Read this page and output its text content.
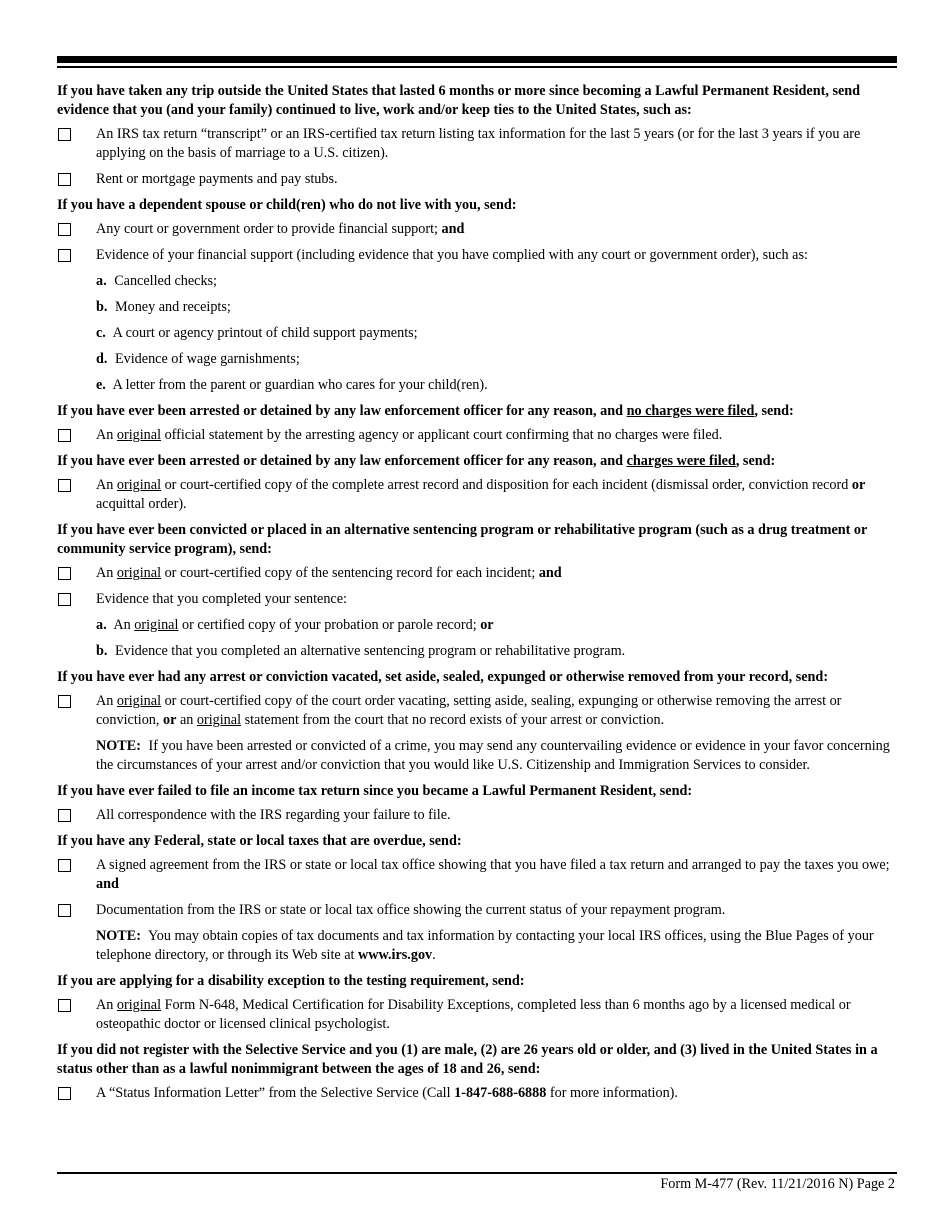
If you have taken any trip outside the United States that lasted 6 months or more since becoming a Lawful Permanent Resident, send evidence that you (and your family) continued to live, work and/or keep ties to the United States, such as:
An IRS tax return “transcript” or an IRS-certified tax return listing tax information for the last 5 years (or for the last 3 years if you are applying on the basis of marriage to a U.S. citizen).
Rent or mortgage payments and pay stubs.
If you have a dependent spouse or child(ren) who do not live with you, send:
Any court or government order to provide financial support; and
Evidence of your financial support (including evidence that you have complied with any court or government order), such as:
a. Cancelled checks;
b. Money and receipts;
c. A court or agency printout of child support payments;
d. Evidence of wage garnishments;
e. A letter from the parent or guardian who cares for your child(ren).
If you have ever been arrested or detained by any law enforcement officer for any reason, and no charges were filed, send:
An original official statement by the arresting agency or applicant court confirming that no charges were filed.
If you have ever been arrested or detained by any law enforcement officer for any reason, and charges were filed, send:
An original or court-certified copy of the complete arrest record and disposition for each incident (dismissal order, conviction record or acquittal order).
If you have ever been convicted or placed in an alternative sentencing program or rehabilitative program (such as a drug treatment or community service program), send:
An original or court-certified copy of the sentencing record for each incident; and
Evidence that you completed your sentence:
a. An original or certified copy of your probation or parole record; or
b. Evidence that you completed an alternative sentencing program or rehabilitative program.
If you have ever had any arrest or conviction vacated, set aside, sealed, expunged or otherwise removed from your record, send:
An original or court-certified copy of the court order vacating, setting aside, sealing, expunging or otherwise removing the arrest or conviction, or an original statement from the court that no record exists of your arrest or conviction.
NOTE: If you have been arrested or convicted of a crime, you may send any countervailing evidence or evidence in your favor concerning the circumstances of your arrest and/or conviction that you would like U.S. Citizenship and Immigration Services to consider.
If you have ever failed to file an income tax return since you became a Lawful Permanent Resident, send:
All correspondence with the IRS regarding your failure to file.
If you have any Federal, state or local taxes that are overdue, send:
A signed agreement from the IRS or state or local tax office showing that you have filed a tax return and arranged to pay the taxes you owe; and
Documentation from the IRS or state or local tax office showing the current status of your repayment program.
NOTE: You may obtain copies of tax documents and tax information by contacting your local IRS offices, using the Blue Pages of your telephone directory, or through its Web site at www.irs.gov.
If you are applying for a disability exception to the testing requirement, send:
An original Form N-648, Medical Certification for Disability Exceptions, completed less than 6 months ago by a licensed medical or osteopathic doctor or licensed clinical psychologist.
If you did not register with the Selective Service and you (1) are male, (2) are 26 years old or older, and (3) lived in the United States in a status other than as a lawful nonimmigrant between the ages of 18 and 26, send:
A “Status Information Letter” from the Selective Service (Call 1-847-688-6888 for more information).
Form M-477 (Rev. 11/21/2016 N) Page 2
